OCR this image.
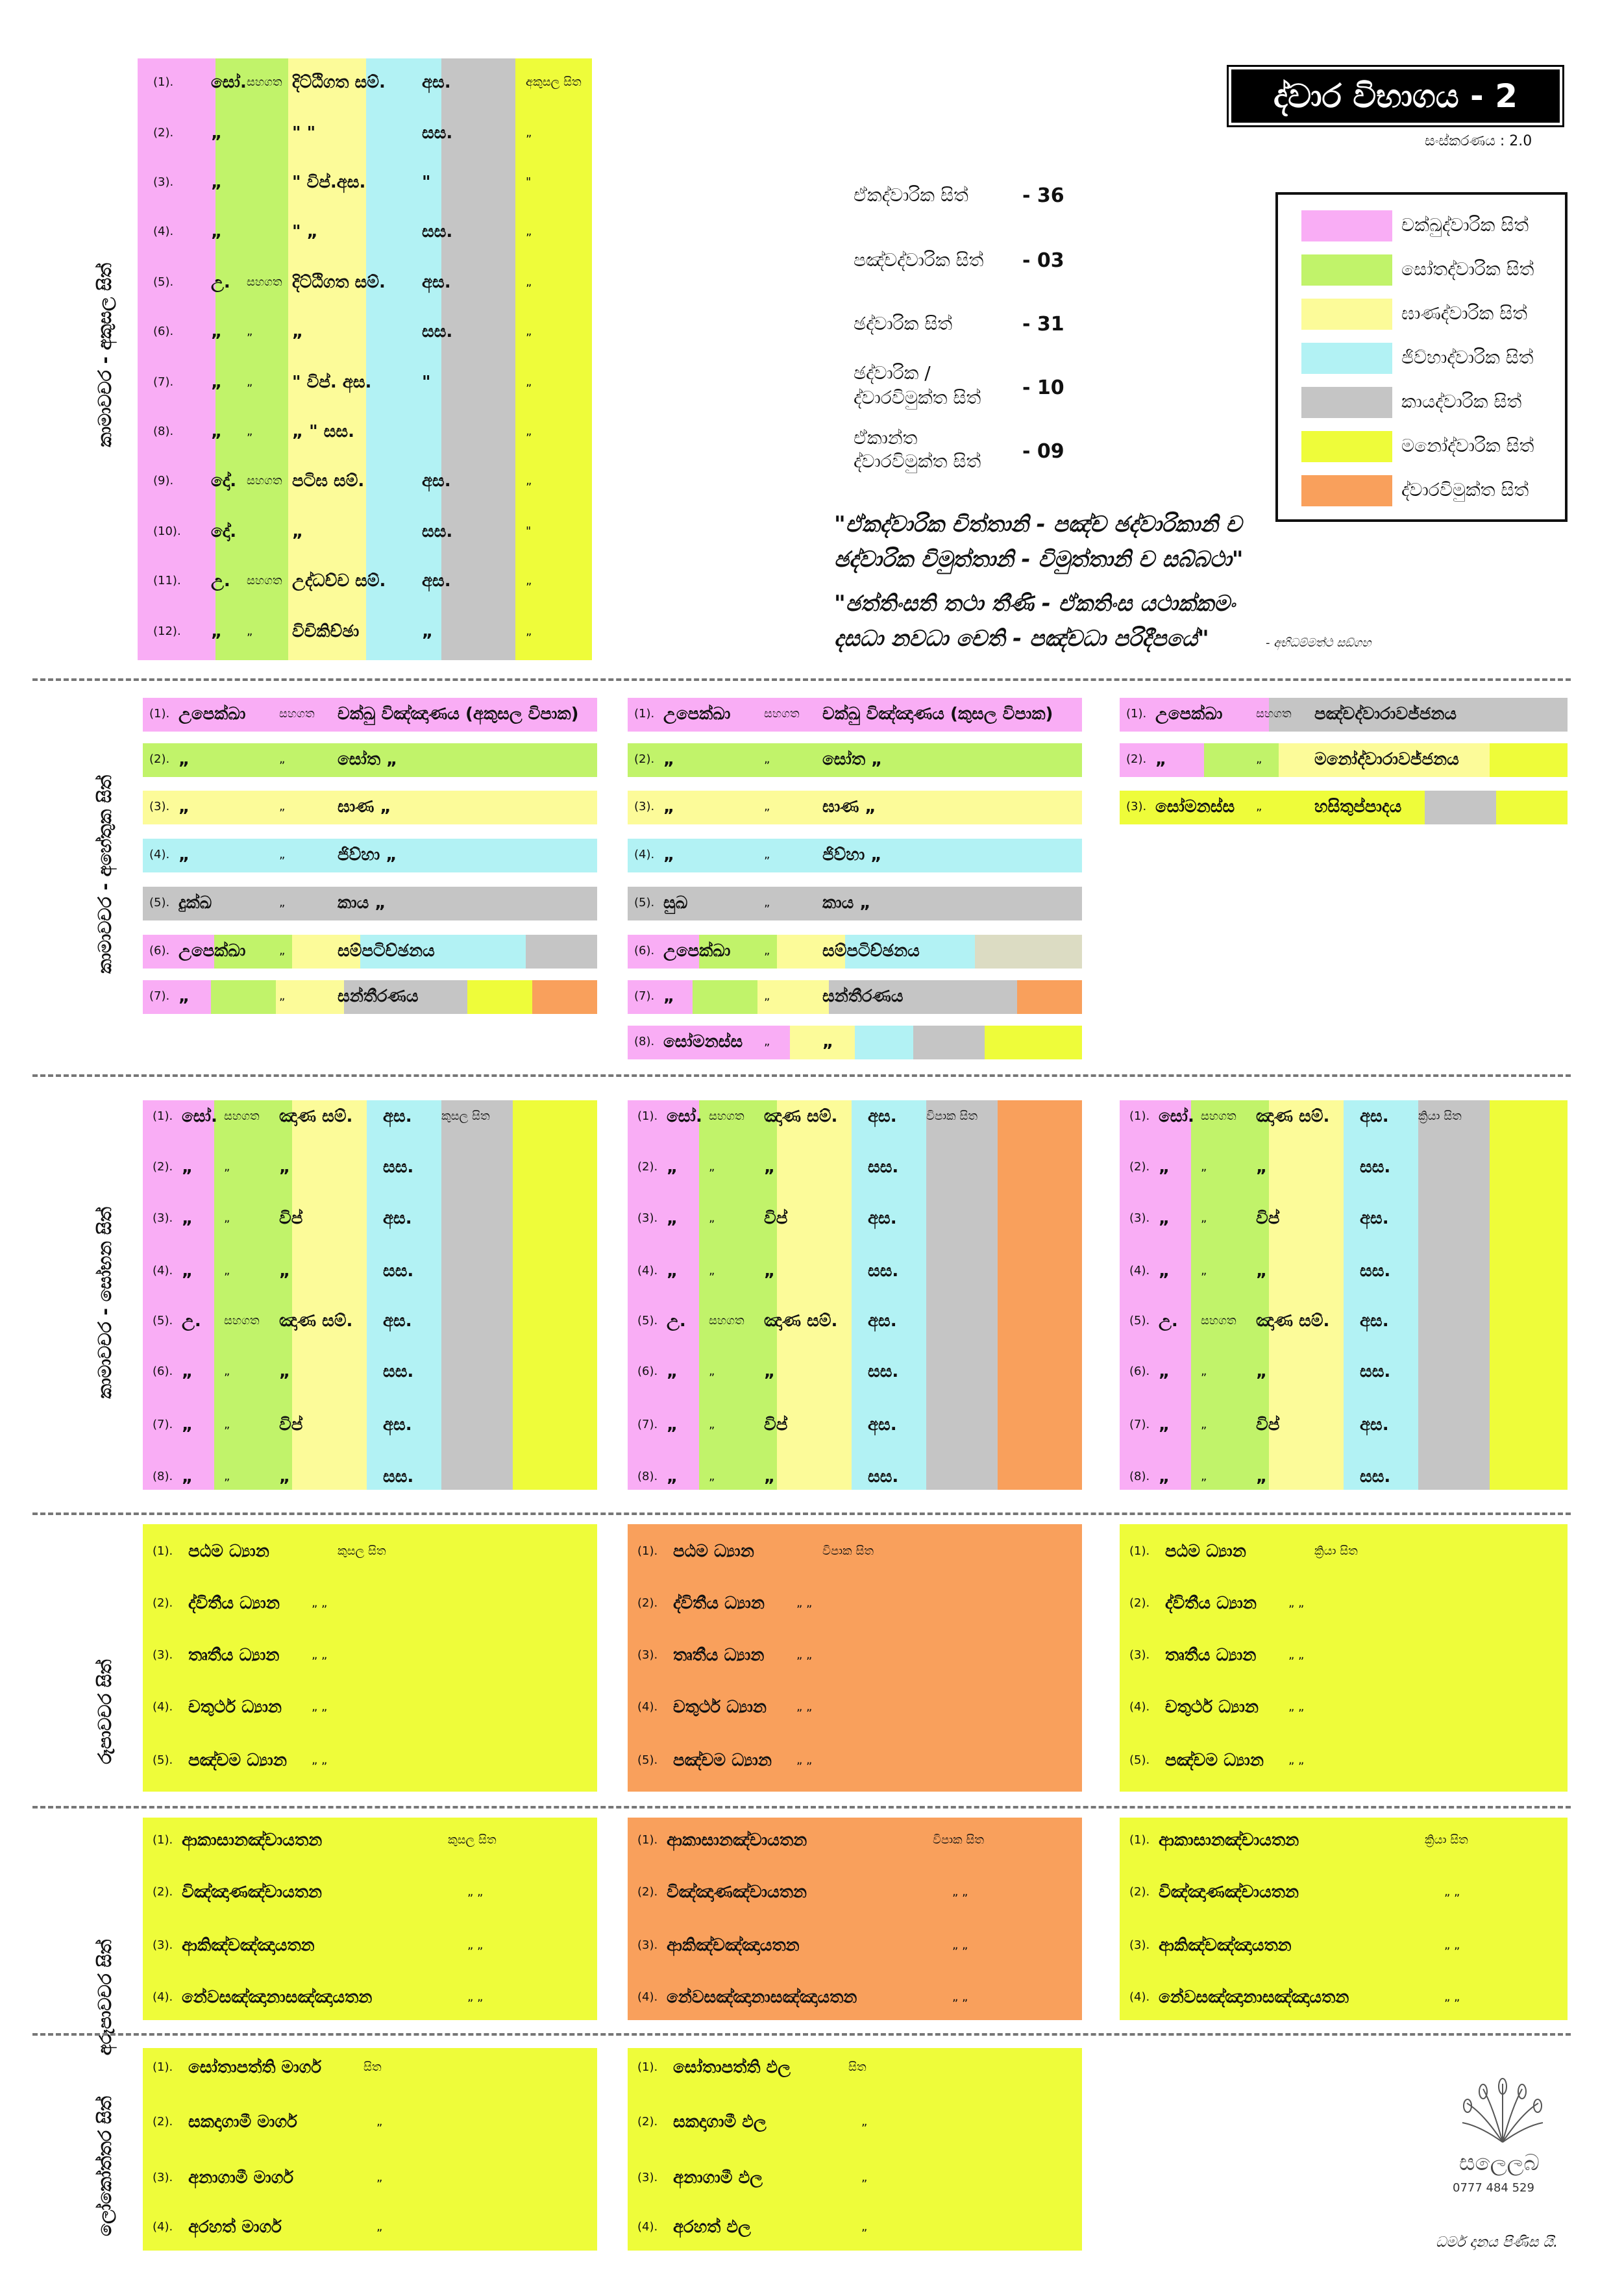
ද්වාර විභාගය - 2
සංස්කරණය : 2.0
ඒකද්වාරික සිත්	- 36
පඤ්චද්වාරික සිත් - 03
ඡද්වාරික සිත්	- 31
ඡද්වාරික /
ද්වාරවිමුක්ත සිත් - 10
ඒකාන්ත
ද්වාරවිමුක්ත සිත් - 09
"ඒකද්වාරික චිත්තානි - පඤ්ච ඡද්වාරිකානි ච
ඡද්වාරික විමුත්තානි - විමුත්තානි ච සබ්බථා"
"ඡත්තිංසති තථා තීණි - ඒකතිංස යථාක්කමං
දසධා නවධා චෙති - පඤ්චධා පරිදීපයේ"	- අභිධම්මත්ථ සඞ්ගහ
චක්ඛුද්වාරික සිත්
සෝතද්වාරික සිත්
ඝාණද්වාරික සිත්
ජිව්හාද්වාරික සිත්
කායද්වාරික සිත්
මනෝද්වාරික සිත්
ද්වාරවිමුක්ත සිත්
කාමාවචර - අකුසල සිත්
කාමාවචර - අහේතුක සිත්
කාමාවචර - සෝභන සිත්
රූපාවචර සිත්
අරූපාවචර සිත්
ලෝකෝත්තර සිත්
(1). සෝ. සහගත දිට්ඨිගත සම්. අස.	අකුසල සිත
(2). „	" "	සස.	„
(3). „	" විප්.අස.	"	"
(4). „	" „	සස.	„
(5). උ. සහගත දිට්ඨිගත සම්. අස.	„
(6). „ „ „	සස.	„
(7). „ „ " විප්. අස.	"	„
(8). „ „ „ " සස.	„
(9). දෝ. සහගත පටිඝ සම්.	අස.	„
(10). දෝ.	„	සස.	"
(11). උ. සහගත උද්ධච්ච සම්. අස.	„
(12). „ „ විචිකිච්ඡා	„	„
(1). උපෙක්ඛා	සහගත චක්ඛු විඤ්ඤාණය (අකුසල විපාක)
(2). „	„	සෝත „
(3). „	„	ඝාණ „
(4). „	„	ජිව්හා „
(5). දුක්ඛ	„	කාය „
(6). උපෙක්ඛා	„	සම්පටිච්ඡනය
(7). „	„	සන්තීරණය
(1). උපෙක්ඛා	සහගත චක්ඛු විඤ්ඤාණය (කුසල විපාක)
(2). „	„	සෝත „
(3). „	„	ඝාණ „
(4). „	„	ජිව්හා „
(5). සුඛ	„	කාය „
(6). උපෙක්ඛා	„	සම්පටිච්ඡනය
(7). „	„	සන්තීරණය
(8). සෝමනස්ස „	„
(1). උපෙක්ඛා	සහගත පඤ්චද්වාරාවජ්ජනය
(2). „	„	මනෝද්වාරාවජ්ජනය
(3). සෝමනස්ස „	හසිතුප්පාදය
(1). සෝ. සහගත ඤාණ සම්. අස.	කුසල සිත
(2). „	„	„	සස.
(3). „	„	විප්	අස.
(4). „	„	„	සස.
(5). උ. සහගත ඤාණ සම්. අස.
(6). „	„	„	සස.
(7). „	„	විප්	අස.
(8). „	„	„	සස.
(1). සෝ. සහගත ඤාණ සම්. අස.	විපාක සිත
(2). „	„	„	සස.
(3). „	„	විප්	අස.
(4). „	„	„	සස.
(5). උ. සහගත ඤාණ සම්. අස.
(6). „	„	„	සස.
(7). „	„	විප්	අස.
(8). „	„	„	සස.
(1). සෝ. සහගත ඤාණ සම්. අස.	ක්‍රියා සිත
(2). „	„	„	සස.
(3). „	„	විප්	අස.
(4). „	„	„	සස.
(5). උ. සහගත ඤාණ සම්. අස.
(6). „	„	„	සස.
(7). „	„	විප්	අස.
(8). „	„	„	සස.
(1). පඨම ධ්‍යාන	කුසල සිත
(2). ද්විතීය ධ්‍යාන	„ „
(3). තෘතීය ධ්‍යාන	„ „
(4). චතුර්ථ ධ්‍යාන	„ „
(5). පඤ්චම ධ්‍යාන „ „
(1). පඨම ධ්‍යාන	විපාක සිත
(2). ද්විතීය ධ්‍යාන	„ „
(3). තෘතීය ධ්‍යාන	„ „
(4). චතුර්ථ ධ්‍යාන	„ „
(5). පඤ්චම ධ්‍යාන „ „
(1). පඨම ධ්‍යාන	ක්‍රියා සිත
(2). ද්විතීය ධ්‍යාන	„ „
(3). තෘතීය ධ්‍යාන	„ „
(4). චතුර්ථ ධ්‍යාන	„ „
(5). පඤ්චම ධ්‍යාන „ „
(1). ආකාසානඤ්චායතන	කුසල සිත
(2). විඤ්ඤාණඤ්චායතන	„ „
(3). ආකිඤ්චඤ්ඤායතන	„ „
(4). නේවසඤ්ඤානාසඤ්ඤායතන	„ „
(1). ආකාසානඤ්චායතන	විපාක සිත
(2). විඤ්ඤාණඤ්චායතන	„ „
(3). ආකිඤ්චඤ්ඤායතන	„ „
(4). නේවසඤ්ඤානාසඤ්ඤායතන	„ „
(1). ආකාසානඤ්චායතන	ක්‍රියා සිත
(2). විඤ්ඤාණඤ්චායතන	„ „
(3). ආකිඤ්චඤ්ඤායතන	„ „
(4). නේවසඤ්ඤානාසඤ්ඤායතන	„ „
(1). සෝතාපත්ති මාර්ග	සිත
(2). සකදාගාමී මාර්ග	„
(3). අනාගාමී මාර්ග	„
(4). අරහත් මාර්ග	„
(1). සෝතාපත්ති ඵල	සිත
(2). සකදාගාමී ඵල	„
(3). අනාගාමී ඵල	„
(4). අරහත් ඵල	„
සලෙලබ
0777 484 529
ධර්ම දානය පිණිස යි.
